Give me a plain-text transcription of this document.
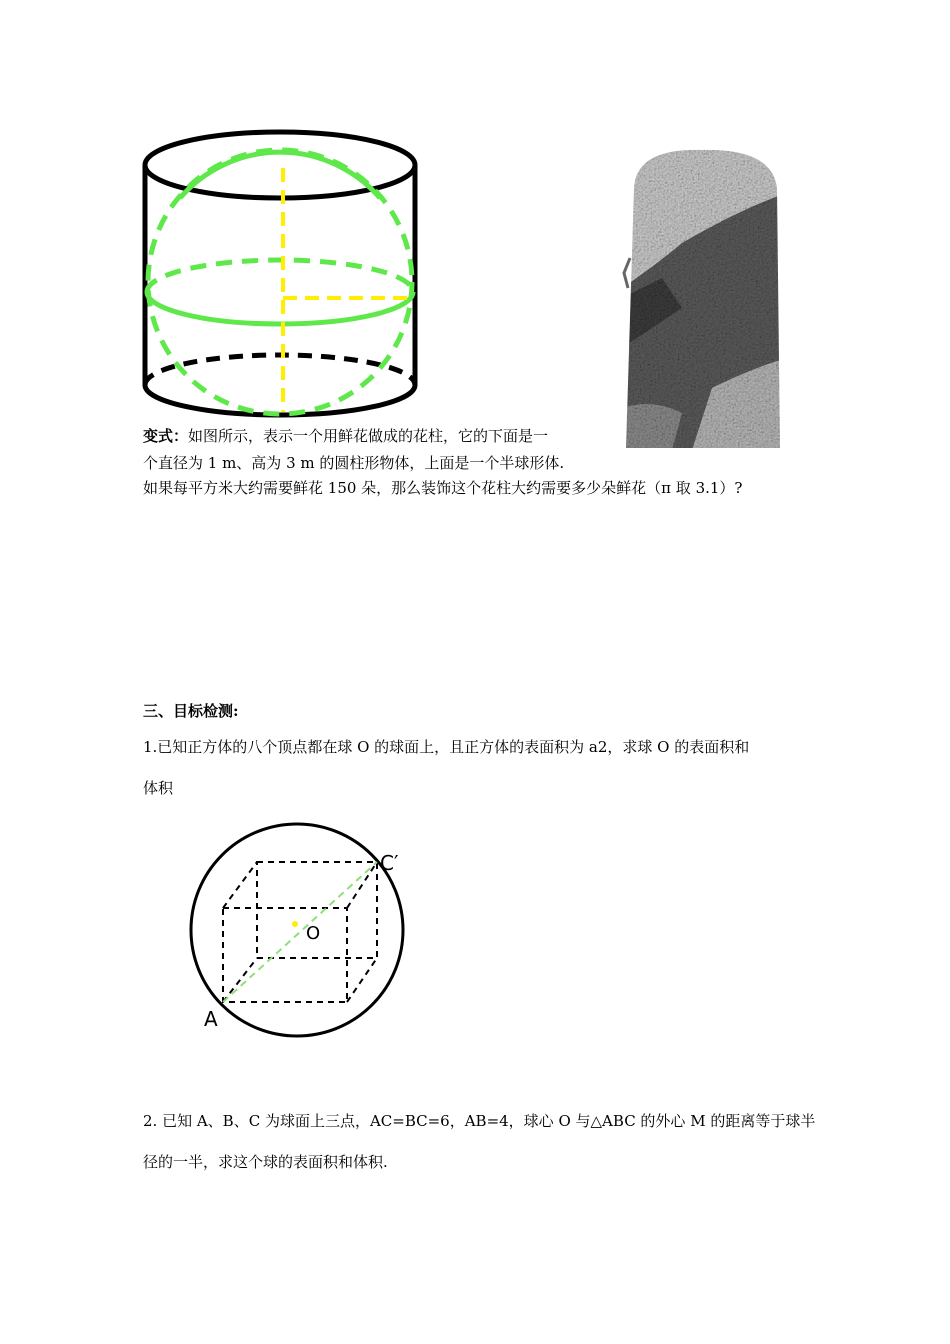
变式：如图所示，表示一个用鲜花做成的花柱，它的下面是一
个直径为 1 m、高为 3 m 的圆柱形物体，上面是一个半球形体.
如果每平方米大约需要鲜花 150 朵，那么装饰这个花柱大约需要多少朵鲜花（π 取 3.1）?
三、目标检测:
1.已知正方体的八个顶点都在球 O 的球面上，且正方体的表面积为 a2，求球 O 的表面积和
体积
C′
O
A
2. 已知 A、B、C 为球面上三点，AC=BC=6，AB=4，球心 O 与△ABC 的外心 M 的距离等于球半
径的一半，求这个球的表面积和体积.
